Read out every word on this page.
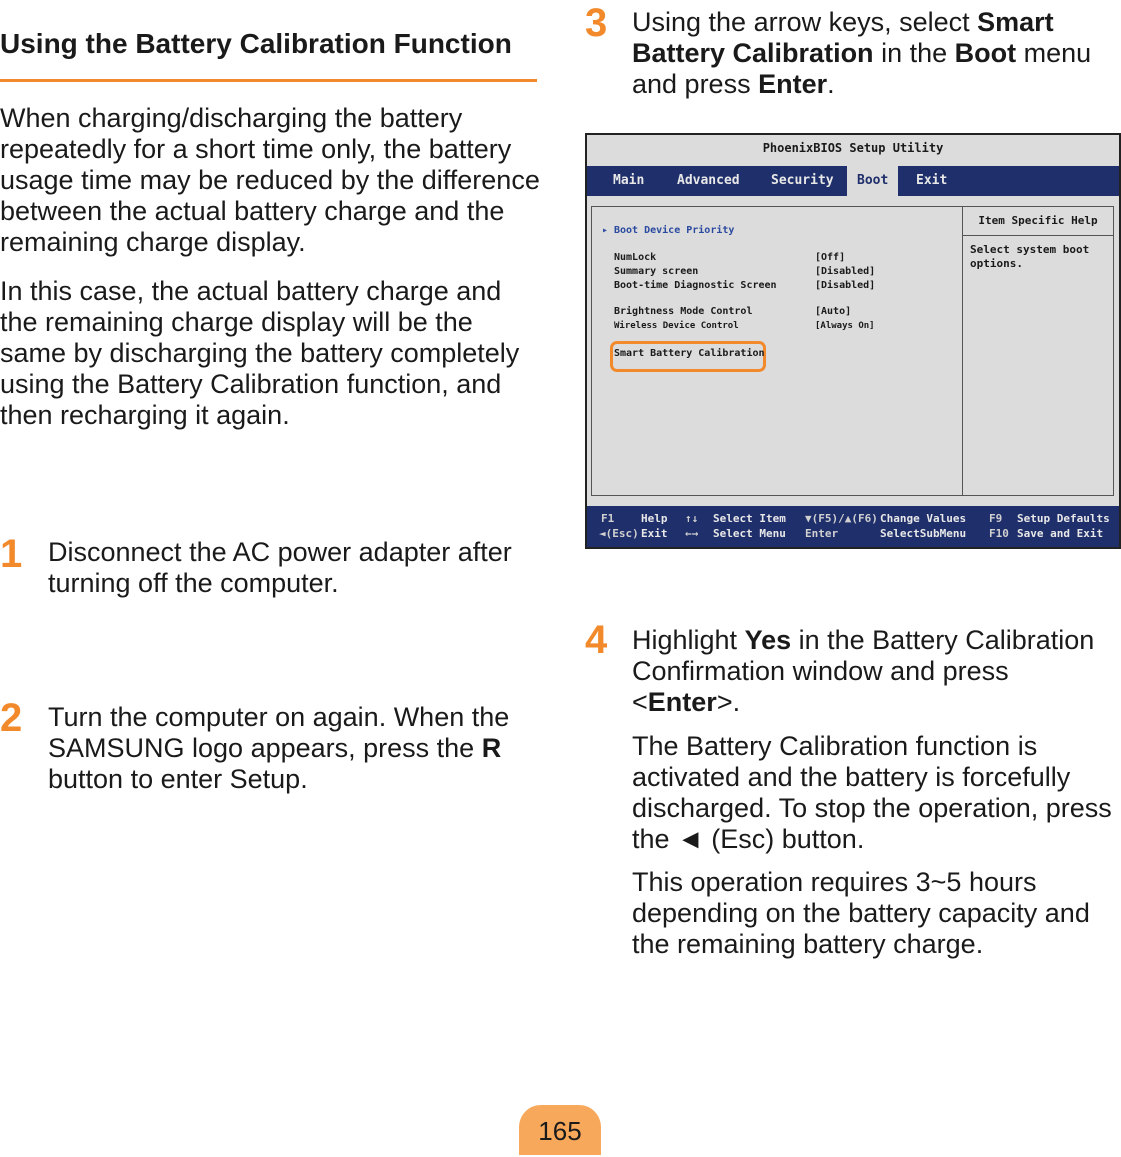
Using the Battery Calibration Function

When charging/discharging the battery repeatedly for a short time only, the battery usage time may be reduced by the difference between the actual battery charge and the remaining charge display.

In this case, the actual battery charge and the remaining charge display will be the same by discharging the battery completely using the Battery Calibration function, and then recharging it again.

1 Disconnect the AC power adapter after turning off the computer.

2 Turn the computer on again. When the SAMSUNG logo appears, press the R button to enter Setup.

3 Using the arrow keys, select Smart Battery Calibration in the Boot menu and press Enter.

PhoenixBIOS Setup Utility
Main	Advanced Security	Boot	Exit
▸ Boot Device Priority
NumLock	[Off]
Summary screen	[Disabled]
Boot-time Diagnostic Screen	[Disabled]
Brightness Mode Control	[Auto]
Wireless Device Control	[Always On]
Smart Battery Calibration
Item Specific Help
Select system boot options.
F1 Help
◄(Esc) Exit
↑↓ Select Item
←→ Select Menu
▼(F5)/▲(F6) Change Values
Enter	SelectSubMenu
F9 Setup Defaults
F10 Save and Exit
4 Highlight Yes in the Battery Calibration Confirmation window and press <Enter>.

The Battery Calibration function is activated and the battery is forcefully discharged. To stop the operation, press the ◄ (Esc) button.

This operation requires 3~5 hours depending on the battery capacity and the remaining battery charge.

165
